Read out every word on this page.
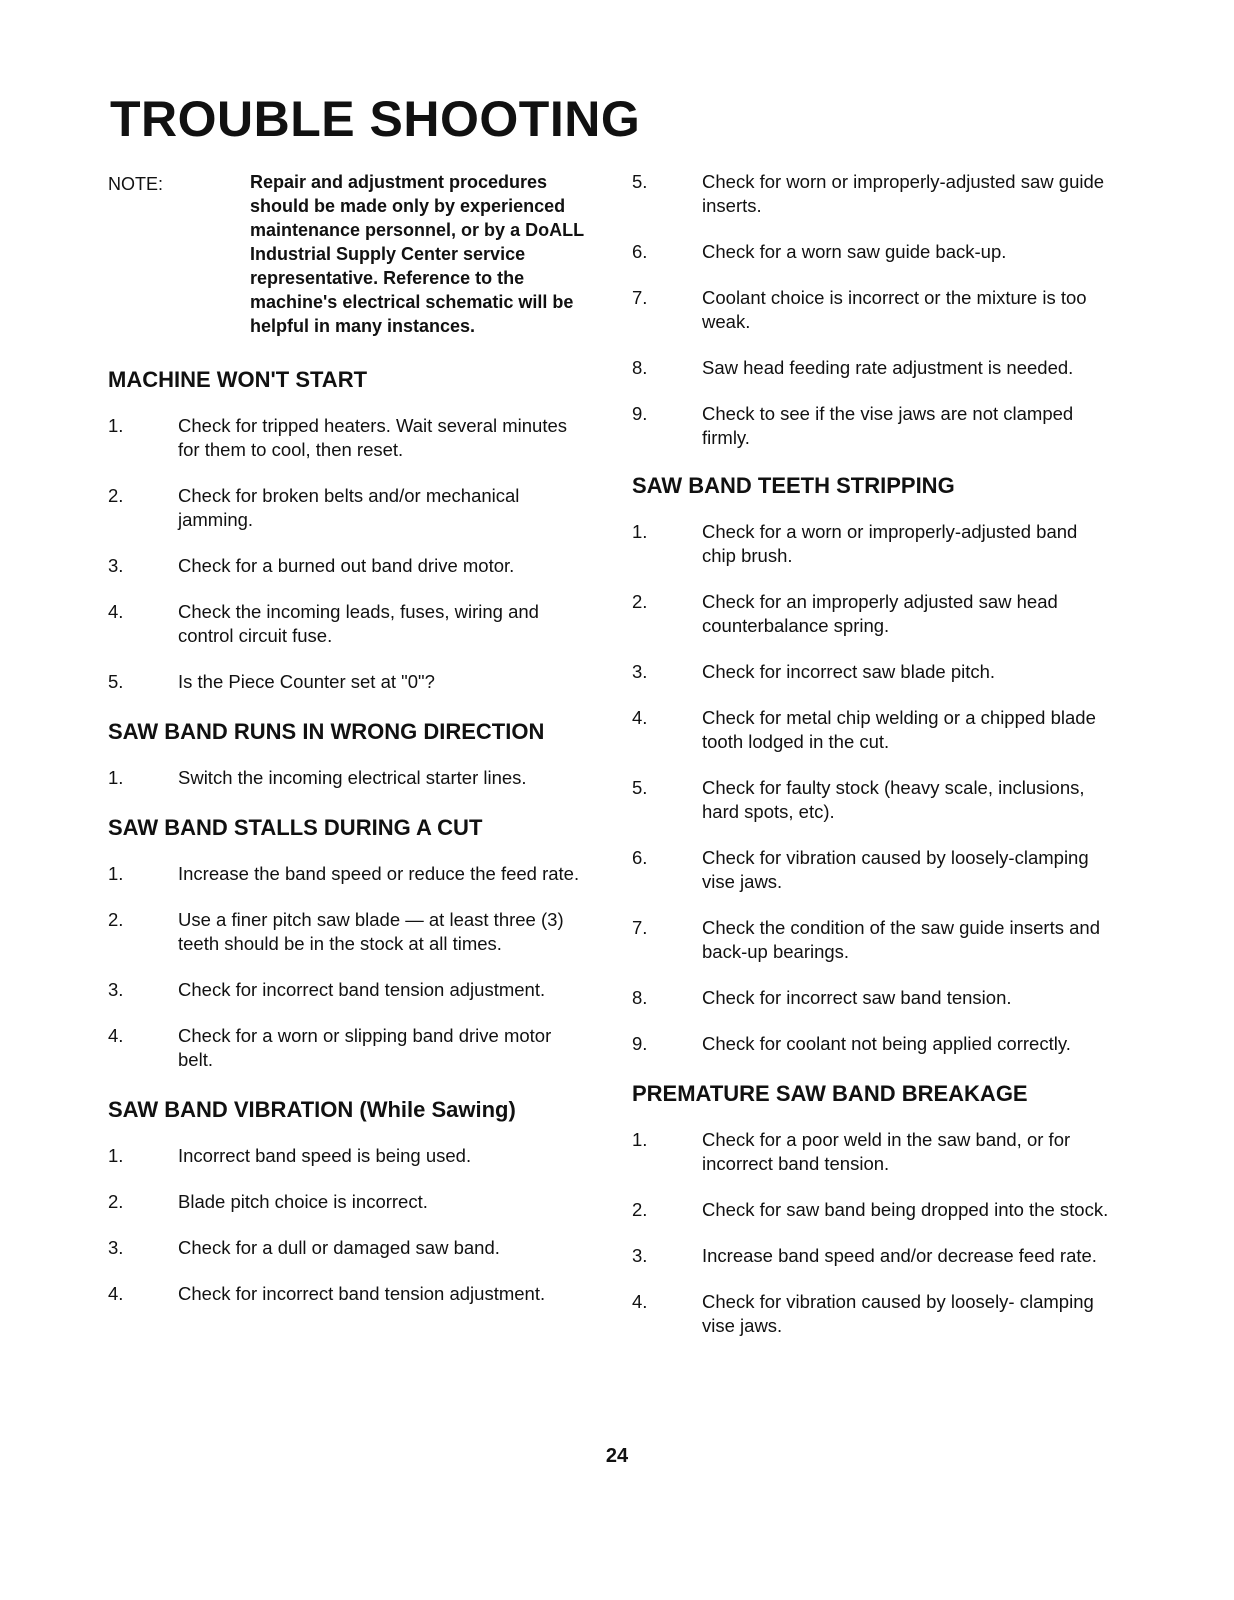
TROUBLE SHOOTING
NOTE:	Repair and adjustment procedures should be made only by experienced maintenance personnel, or by a DoALL Industrial Supply Center service representative. Reference to the machine's electrical schematic will be helpful in many instances.
MACHINE WON'T START
1.	Check for tripped heaters. Wait several minutes for them to cool, then reset.
2.	Check for broken belts and/or mechanical jamming.
3.	Check for a burned out band drive motor.
4.	Check the incoming leads, fuses, wiring and control circuit fuse.
5.	Is the Piece Counter set at "0"?
SAW BAND RUNS IN WRONG DIRECTION
1.	Switch the incoming electrical starter lines.
SAW BAND STALLS DURING A CUT
1.	Increase the band speed or reduce the feed rate.
2.	Use a finer pitch saw blade — at least three (3) teeth should be in the stock at all times.
3.	Check for incorrect band tension adjustment.
4.	Check for a worn or slipping band drive motor belt.
SAW BAND VIBRATION (While Sawing)
1.	Incorrect band speed is being used.
2.	Blade pitch choice is incorrect.
3.	Check for a dull or damaged saw band.
4.	Check for incorrect band tension adjustment.
5.	Check for worn or improperly-adjusted saw guide inserts.
6.	Check for a worn saw guide back-up.
7.	Coolant choice is incorrect or the mixture is too weak.
8.	Saw head feeding rate adjustment is needed.
9.	Check to see if the vise jaws are not clamped firmly.
SAW BAND TEETH STRIPPING
1.	Check for a worn or improperly-adjusted band chip brush.
2.	Check for an improperly adjusted saw head counterbalance spring.
3.	Check for incorrect saw blade pitch.
4.	Check for metal chip welding or a chipped blade tooth lodged in the cut.
5.	Check for faulty stock (heavy scale, inclusions, hard spots, etc).
6.	Check for vibration caused by loosely-clamping vise jaws.
7.	Check the condition of the saw guide inserts and back-up bearings.
8.	Check for incorrect saw band tension.
9.	Check for coolant not being applied correctly.
PREMATURE SAW BAND BREAKAGE
1.	Check for a poor weld in the saw band, or for incorrect band tension.
2.	Check for saw band being dropped into the stock.
3.	Increase band speed and/or decrease feed rate.
4.	Check for vibration caused by loosely- clamping vise jaws.
24
